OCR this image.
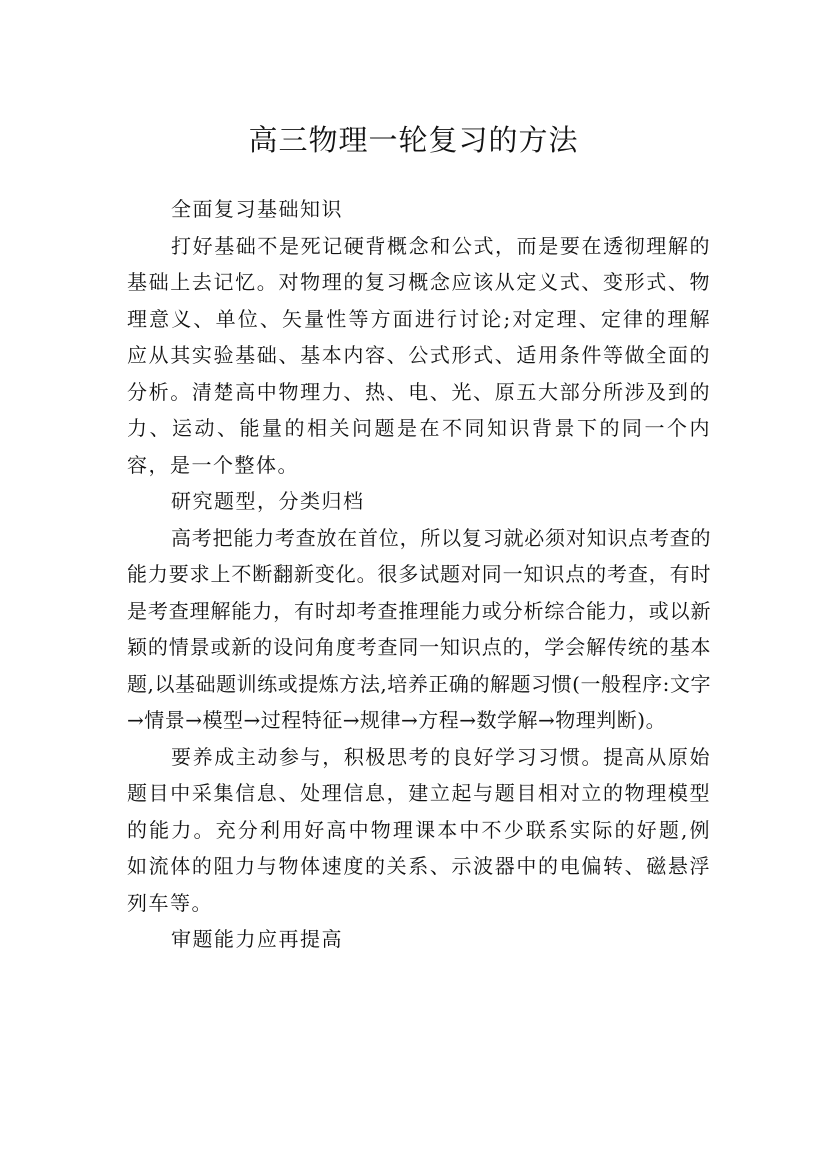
高三物理一轮复习的方法

全面复习基础知识

打好基础不是死记硬背概念和公式，而是要在透彻理解的基础上去记忆。对物理的复习概念应该从定义式、变形式、物理意义、单位、矢量性等方面进行讨论;对定理、定律的理解应从其实验基础、基本内容、公式形式、适用条件等做全面的分析。清楚高中物理力、热、电、光、原五大部分所涉及到的力、运动、能量的相关问题是在不同知识背景下的同一个内容，是一个整体。

研究题型，分类归档

高考把能力考查放在首位，所以复习就必须对知识点考查的能力要求上不断翻新变化。很多试题对同一知识点的考查，有时是考查理解能力，有时却考查推理能力或分析综合能力，或以新颖的情景或新的设问角度考查同一知识点的，学会解传统的基本题,以基础题训练或提炼方法,培养正确的解题习惯(一般程序:文字→情景→模型→过程特征→规律→方程→数学解→物理判断)。

要养成主动参与，积极思考的良好学习习惯。提高从原始题目中采集信息、处理信息，建立起与题目相对立的物理模型的能力。充分利用好高中物理课本中不少联系实际的好题,例如流体的阻力与物体速度的关系、示波器中的电偏转、磁悬浮列车等。

审题能力应再提高
